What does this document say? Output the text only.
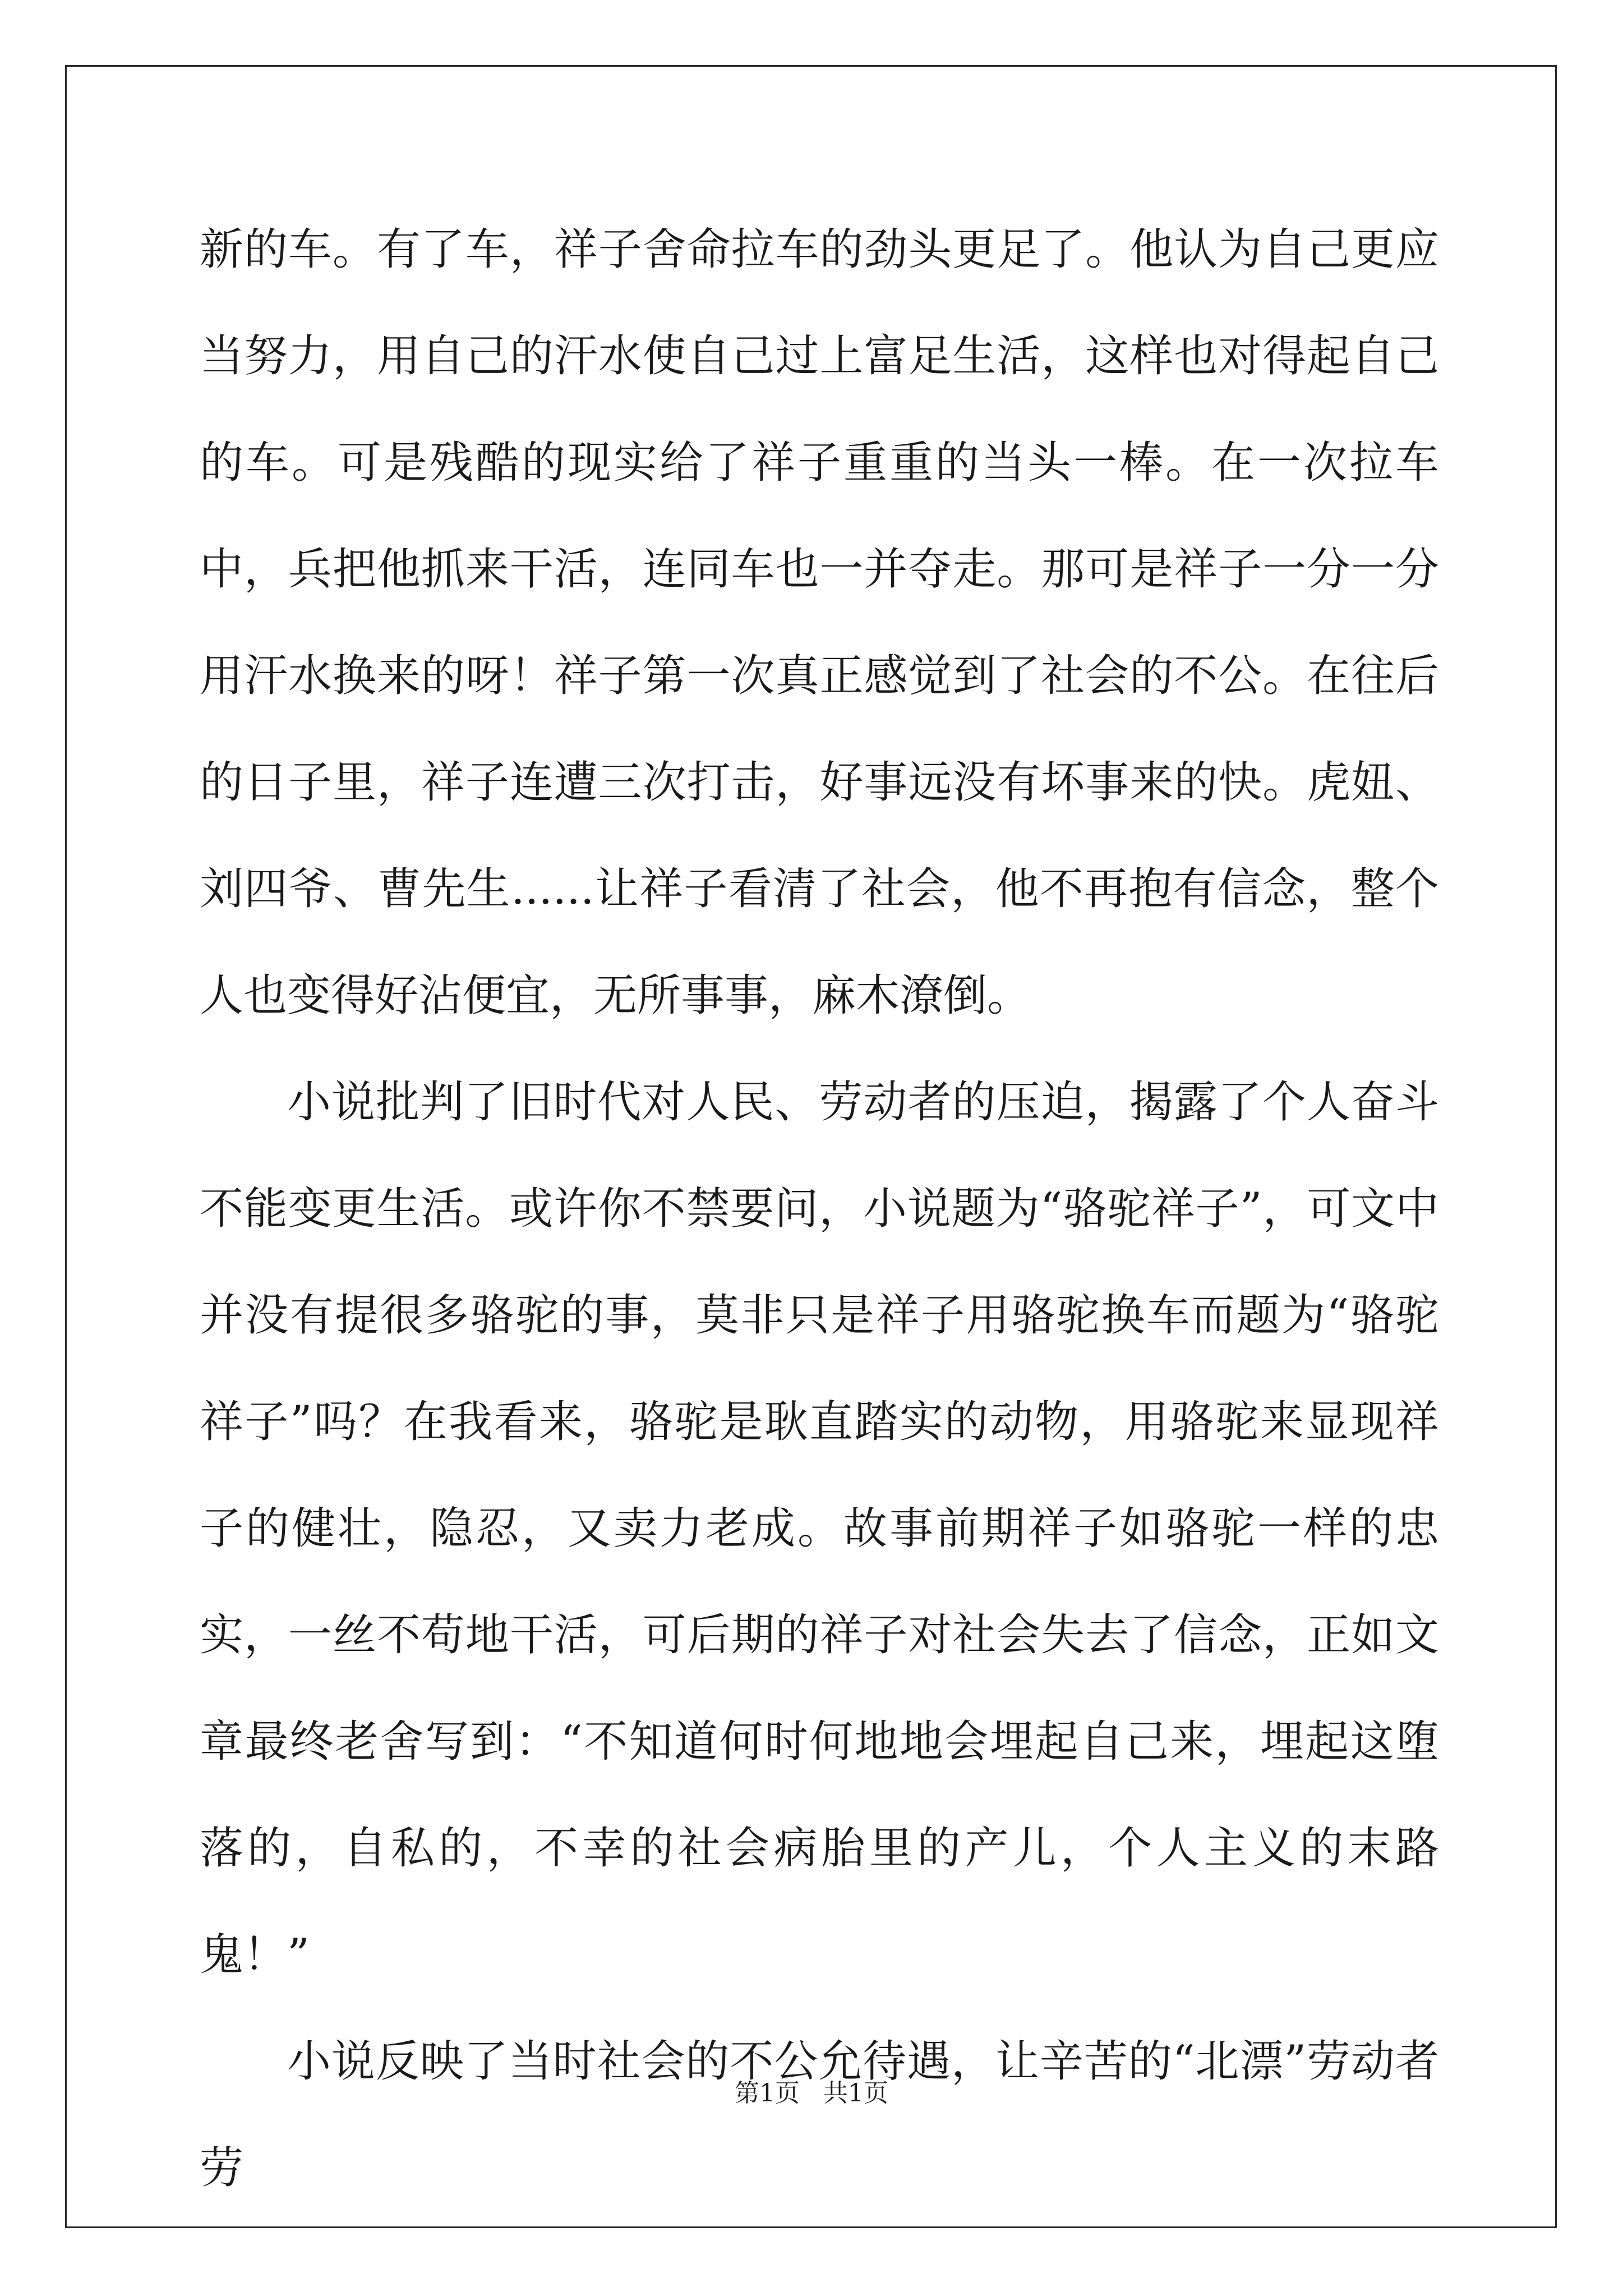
新的车。有了车，祥子舍命拉车的劲头更足了。他认为自己更应当努力，用自己的汗水使自己过上富足生活，这样也对得起自己的车。可是残酷的现实给了祥子重重的当头一棒。在一次拉车中，兵把他抓来干活，连同车也一并夺走。那可是祥子一分一分用汗水换来的呀！祥子第一次真正感觉到了社会的不公。在往后的日子里，祥子连遭三次打击，好事远没有坏事来的快。虎妞、刘四爷、曹先生......让祥子看清了社会，他不再抱有信念，整个人也变得好沾便宜，无所事事，麻木潦倒。

小说批判了旧时代对人民、劳动者的压迫，揭露了个人奋斗不能变更生活。或许你不禁要问，小说题为“骆驼祥子”，可文中并没有提很多骆驼的事，莫非只是祥子用骆驼换车而题为“骆驼祥子”吗？在我看来，骆驼是耿直踏实的动物，用骆驼来显现祥子的健壮，隐忍，又卖力老成。故事前期祥子如骆驼一样的忠实，一丝不苟地干活，可后期的祥子对社会失去了信念，正如文章最终老舍写到：“不知道何时何地地会埋起自己来，埋起这堕落的，自私的，不幸的社会病胎里的产儿，个人主义的末路鬼！”

小说反映了当时社会的不公允待遇，让辛苦的“北漂”劳动者劳

第1页   共1页
